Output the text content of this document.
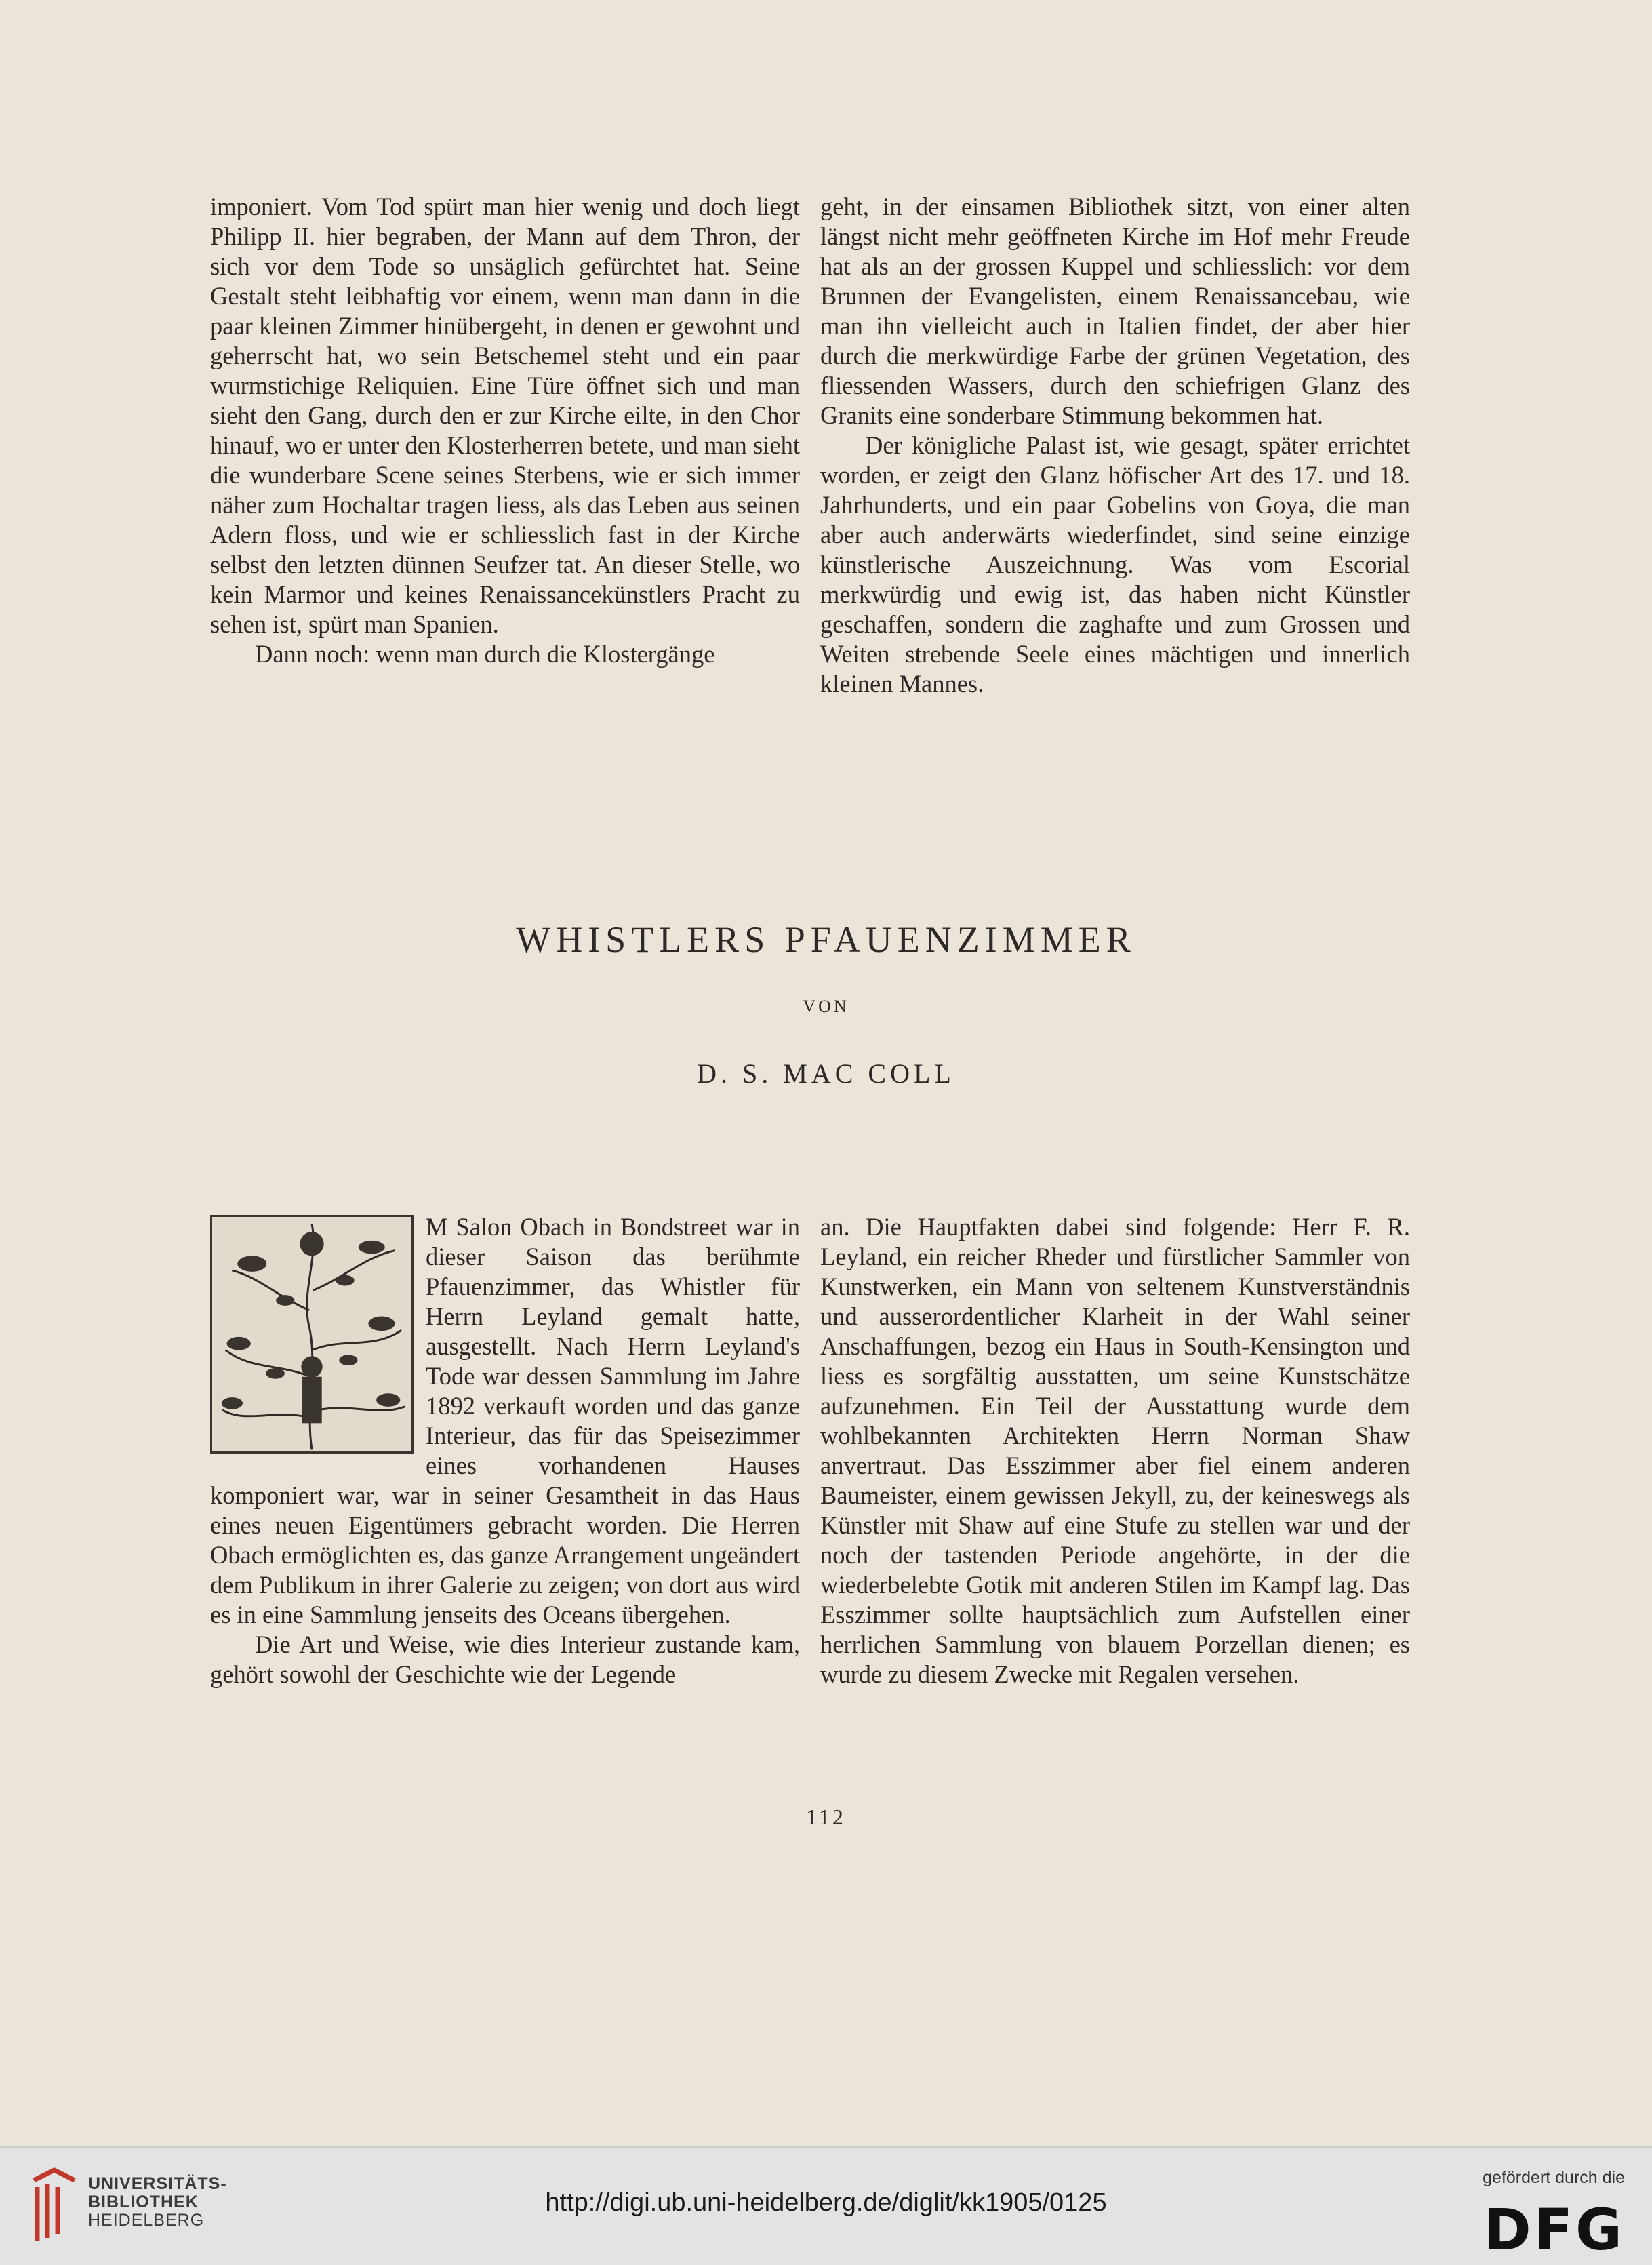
imponiert. Vom Tod spürt man hier wenig und doch liegt Philipp II. hier begraben, der Mann auf dem Thron, der sich vor dem Tode so unsäglich gefürchtet hat. Seine Gestalt steht leibhaftig vor einem, wenn man dann in die paar kleinen Zimmer hinübergeht, in denen er gewohnt und geherrscht hat, wo sein Betschemel steht und ein paar wurmstichige Reliquien. Eine Türe öffnet sich und man sieht den Gang, durch den er zur Kirche eilte, in den Chor hinauf, wo er unter den Klosterherren betete, und man sieht die wunderbare Scene seines Sterbens, wie er sich immer näher zum Hochaltar tragen liess, als das Leben aus seinen Adern floss, und wie er schliesslich fast in der Kirche selbst den letzten dünnen Seufzer tat. An dieser Stelle, wo kein Marmor und keines Renaissancekünstlers Pracht zu sehen ist, spürt man Spanien.

Dann noch: wenn man durch die Klostergänge

geht, in der einsamen Bibliothek sitzt, von einer alten längst nicht mehr geöffneten Kirche im Hof mehr Freude hat als an der grossen Kuppel und schliesslich: vor dem Brunnen der Evangelisten, einem Renaissancebau, wie man ihn vielleicht auch in Italien findet, der aber hier durch die merkwürdige Farbe der grünen Vegetation, des fliessenden Wassers, durch den schiefrigen Glanz des Granits eine sonderbare Stimmung bekommen hat.

Der königliche Palast ist, wie gesagt, später errichtet worden, er zeigt den Glanz höfischer Art des 17. und 18. Jahrhunderts, und ein paar Gobelins von Goya, die man aber auch anderwärts wiederfindet, sind seine einzige künstlerische Auszeichnung. Was vom Escorial merkwürdig und ewig ist, das haben nicht Künstler geschaffen, sondern die zaghafte und zum Grossen und Weiten strebende Seele eines mächtigen und innerlich kleinen Mannes.

WHISTLERS PFAUENZIMMER
VON
D. S. MAC COLL

M Salon Obach in Bondstreet war in dieser Saison das berühmte Pfauenzimmer, das Whistler für Herrn Leyland gemalt hatte, ausgestellt. Nach Herrn Leyland's Tode war dessen Sammlung im Jahre 1892 verkauft worden und das ganze Interieur, das für das Speisezimmer eines vorhandenen Hauses komponiert war, war in seiner Gesamtheit in das Haus eines neuen Eigentümers gebracht worden. Die Herren Obach ermöglichten es, das ganze Arrangement ungeändert dem Publikum in ihrer Galerie zu zeigen; von dort aus wird es in eine Sammlung jenseits des Oceans übergehen.

Die Art und Weise, wie dies Interieur zustande kam, gehört sowohl der Geschichte wie der Legende

an. Die Hauptfakten dabei sind folgende: Herr F. R. Leyland, ein reicher Rheder und fürstlicher Sammler von Kunstwerken, ein Mann von seltenem Kunstverständnis und ausserordentlicher Klarheit in der Wahl seiner Anschaffungen, bezog ein Haus in South-Kensington und liess es sorgfältig ausstatten, um seine Kunstschätze aufzunehmen. Ein Teil der Ausstattung wurde dem wohlbekannten Architekten Herrn Norman Shaw anvertraut. Das Esszimmer aber fiel einem anderen Baumeister, einem gewissen Jekyll, zu, der keineswegs als Künstler mit Shaw auf eine Stufe zu stellen war und der noch der tastenden Periode angehörte, in der die wiederbelebte Gotik mit anderen Stilen im Kampf lag. Das Esszimmer sollte hauptsächlich zum Aufstellen einer herrlichen Sammlung von blauem Porzellan dienen; es wurde zu diesem Zwecke mit Regalen versehen.

112
UNIVERSITÄTS-
BIBLIOTHEK
HEIDELBERG
http://digi.ub.uni-heidelberg.de/diglit/kk1905/0125
gefördert durch die
DFG
